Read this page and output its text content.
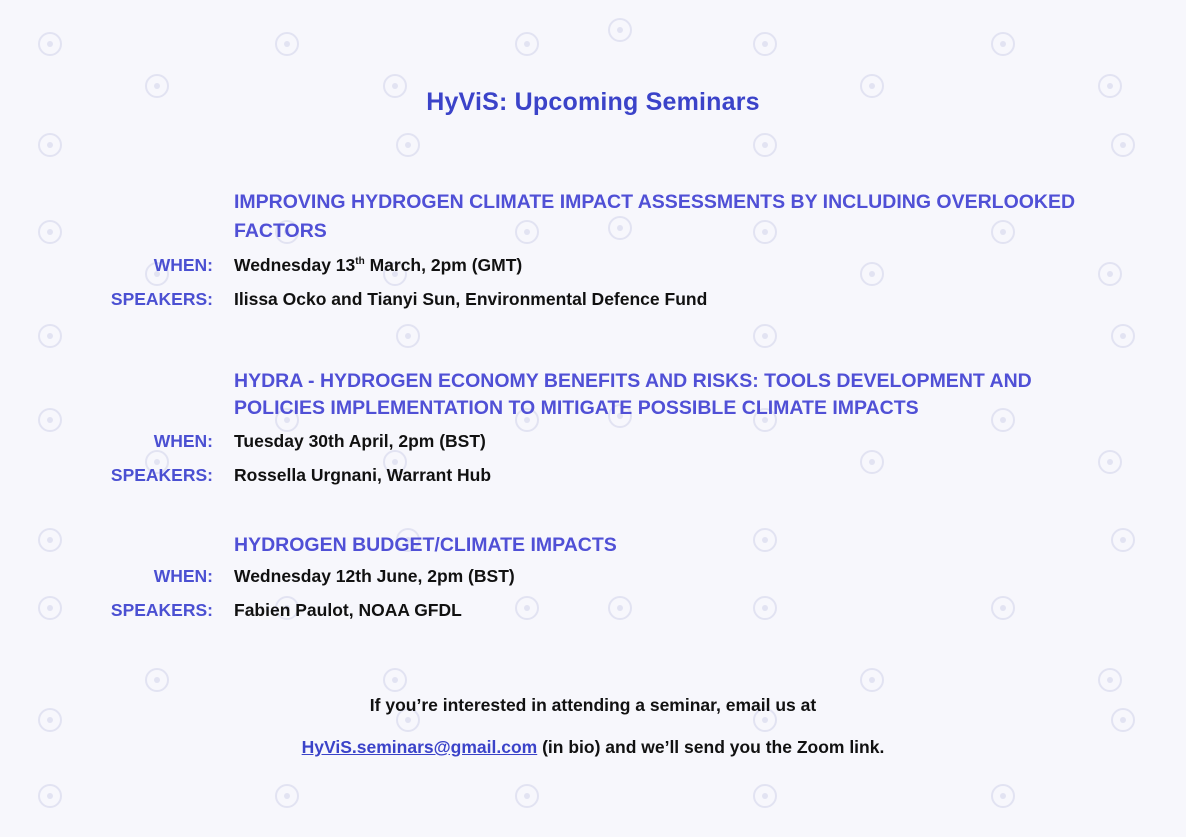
HyViS: Upcoming Seminars
IMPROVING HYDROGEN CLIMATE IMPACT ASSESSMENTS BY INCLUDING OVERLOOKED FACTORS
WHEN: Wednesday 13th March, 2pm (GMT)
SPEAKERS: Ilissa Ocko and Tianyi Sun, Environmental Defence Fund
HYDRA - HYDROGEN ECONOMY BENEFITS AND RISKS: TOOLS DEVELOPMENT AND POLICIES IMPLEMENTATION TO MITIGATE POSSIBLE CLIMATE IMPACTS
WHEN: Tuesday 30th April, 2pm (BST)
SPEAKERS: Rossella Urgnani, Warrant Hub
HYDROGEN BUDGET/CLIMATE IMPACTS
WHEN: Wednesday 12th June, 2pm (BST)
SPEAKERS: Fabien Paulot, NOAA GFDL
If you’re interested in attending a seminar, email us at
HyViS.seminars@gmail.com (in bio) and we’ll send you the Zoom link.
